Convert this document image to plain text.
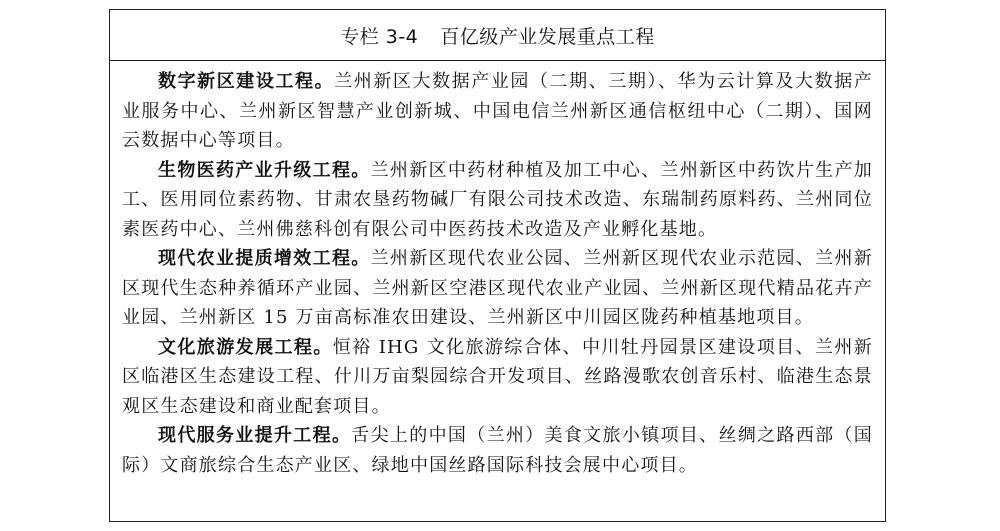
专栏 3-4 百亿级产业发展重点工程

数字新区建设工程。兰州新区大数据产业园（二期、三期）、华为云计算及大数据产业服务中心、兰州新区智慧产业创新城、中国电信兰州新区通信枢纽中心（二期）、国网云数据中心等项目。

生物医药产业升级工程。兰州新区中药材种植及加工中心、兰州新区中药饮片生产加工、医用同位素药物、甘肃农垦药物碱厂有限公司技术改造、东瑞制药原料药、兰州同位素医药中心、兰州佛慈科创有限公司中医药技术改造及产业孵化基地。

现代农业提质增效工程。兰州新区现代农业公园、兰州新区现代农业示范园、兰州新区现代生态种养循环产业园、兰州新区空港区现代农业产业园、兰州新区现代精品花卉产业园、兰州新区 15 万亩高标准农田建设、兰州新区中川园区陇药种植基地项目。

文化旅游发展工程。恒裕 IHG 文化旅游综合体、中川牡丹园景区建设项目、兰州新区临港区生态建设工程、什川万亩梨园综合开发项目、丝路漫歌农创音乐村、临港生态景观区生态建设和商业配套项目。

现代服务业提升工程。舌尖上的中国（兰州）美食文旅小镇项目、丝绸之路西部（国际）文商旅综合生态产业区、绿地中国丝路国际科技会展中心项目。
